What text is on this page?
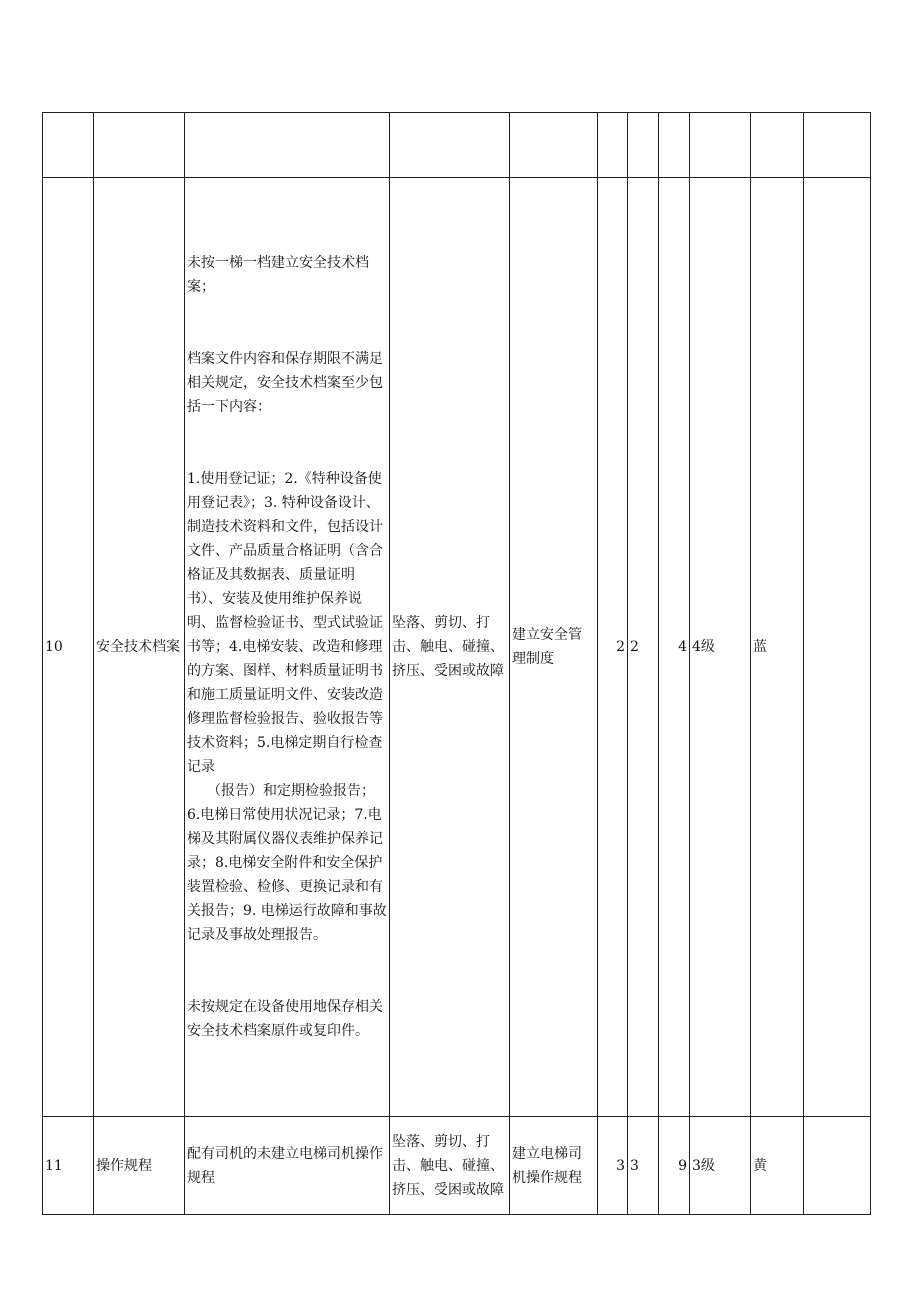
10	安全技术档案	未按一梯一档建立安全技术档案；
档案文件内容和保存期限不满足相关规定，安全技术档案至少包括一下内容：
1.使用登记证；2.《特种设备使用登记表》；3. 特种设备设计、制造技术资料和文件，包括设计文件、产品质量合格证明（含合格证及其数据表、质量证明书）、安装及使用维护保养说明、监督检验证书、型式试验证书等；4.电梯安装、改造和修理的方案、图样、材料质量证明书和施工质量证明文件、安装改造修理监督检验报告、验收报告等技术资料；5.电梯定期自行检查记录
（报告）和定期检验报告；6.电梯日常使用状况记录；7.电梯及其附属仪器仪表维护保养记录；8.电梯安全附件和安全保护装置检验、检修、更换记录和有关报告；9. 电梯运行故障和事故记录及事故处理报告。
未按规定在设备使用地保存相关安全技术档案原件或复印件。	坠落、剪切、打击、触电、碰撞、挤压、受困或故障	建立安全管理制度	2	2	4	4级	蓝	
11	操作规程	配有司机的未建立电梯司机操作规程	坠落、剪切、打击、触电、碰撞、挤压、受困或故障	建立电梯司机操作规程	3	3	9	3级	黄	
